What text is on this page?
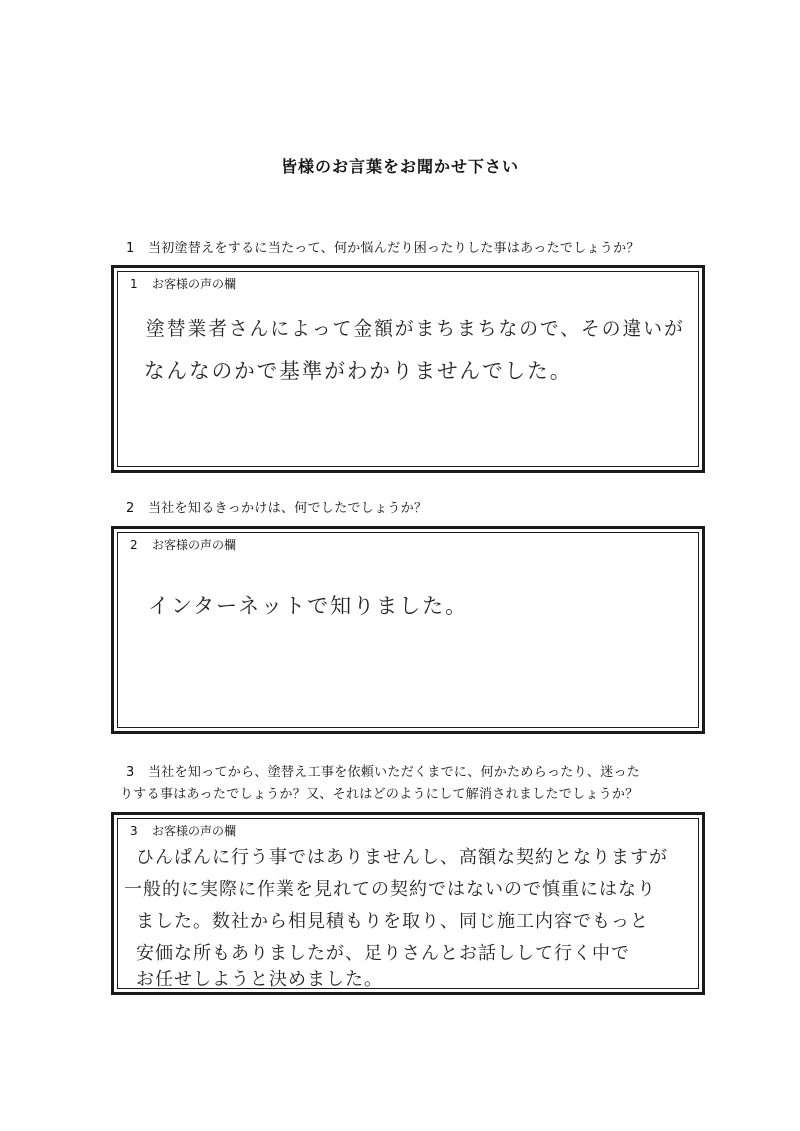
皆様のお言葉をお聞かせ下さい
1 当初塗替えをするに当たって、何か悩んだり困ったりした事はあったでしょうか？
1 お客様の声の欄
塗替業者さんによって金額がまちまちなので、その違いが
なんなのかで基準がわかりませんでした。
2 当社を知るきっかけは、何でしたでしょうか？
2 お客様の声の欄
インターネットで知りました。
3 当社を知ってから、塗替え工事を依頼いただくまでに、何かためらったり、迷った
りする事はあったでしょうか？又、それはどのようにして解消されましたでしょうか？
3 お客様の声の欄
ひんぱんに行う事ではありませんし、高額な契約となりますが
一般的に実際に作業を見れての契約ではないので慎重にはなり
ました。数社から相見積もりを取り、同じ施工内容でもっと
安価な所もありましたが、足りさんとお話しして行く中で
お任せしようと決めました。
